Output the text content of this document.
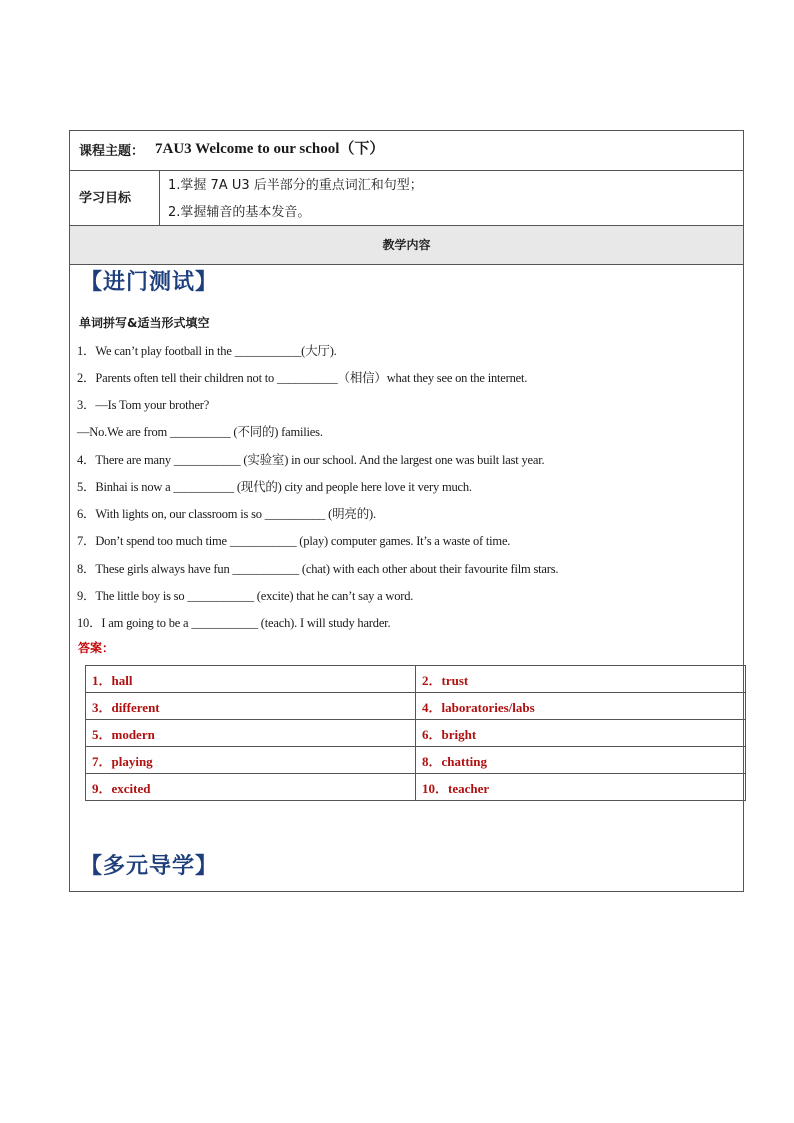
课程主题： 7AU3 Welcome to our school（下）
学习目标
1.掌握 7A U3 后半部分的重点词汇和句型；
2.掌握辅音的基本发音。
教学内容
【进门测试】
单词拼写&适当形式填空
1．We can’t play football in the ___________(大厅).
2．Parents often tell their children not to __________（相信）what they see on the internet.
3．—Is Tom your brother?
—No.We are from __________ (不同的) families.
4．There are many ___________ (实验室) in our school. And the largest one was built last year.
5．Binhai is now a __________ (现代的) city and people here love it very much.
6．With lights on, our classroom is so __________ (明亮的).
7．Don’t spend too much time ___________ (play) computer games. It’s a waste of time.
8．These girls always have fun ___________ (chat) with each other about their favourite film stars.
9．The little boy is so ___________ (excite) that he can’t say a word.
10．I am going to be a ___________ (teach). I will study harder.
答案：
1．hall	2．trust
3．different	4．laboratories/labs
5．modern	6．bright
7．playing	8．chatting
9．excited	10．teacher
【多元导学】
